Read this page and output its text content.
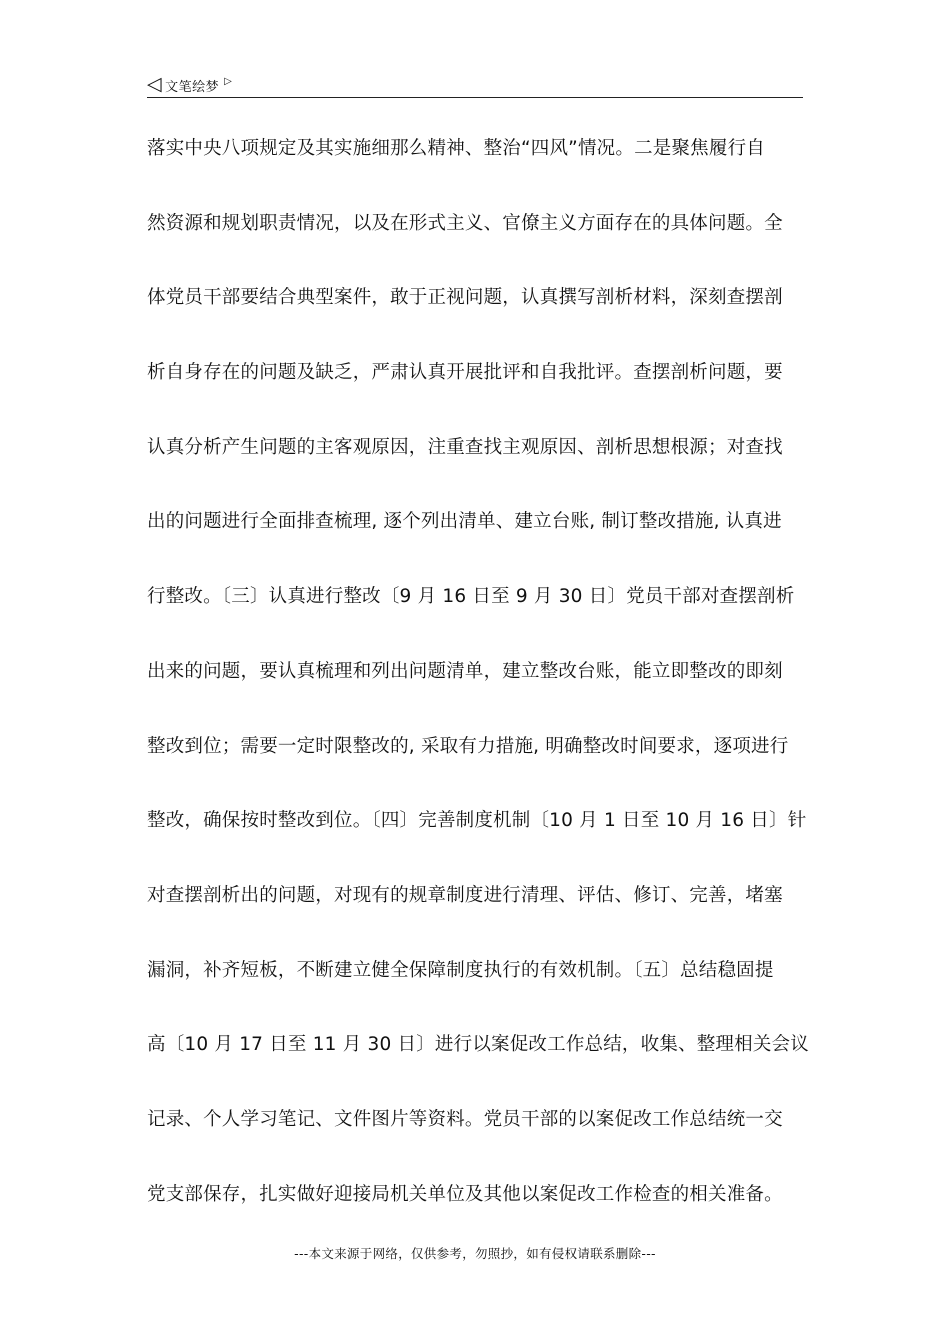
◁ 文笔绘梦 ▷
落实中央八项规定及其实施细那么精神、整治“四风”情况。二是聚焦履行自
然资源和规划职责情况，以及在形式主义、官僚主义方面存在的具体问题。全
体党员干部要结合典型案件，敢于正视问题，认真撰写剖析材料，深刻查摆剖
析自身存在的问题及缺乏，严肃认真开展批评和自我批评。查摆剖析问题，要
认真分析产生问题的主客观原因，注重查找主观原因、剖析思想根源；对查找
出的问题进行全面排查梳理, 逐个列出清单、建立台账, 制订整改措施, 认真进
行整改。〔三〕认真进行整改〔9 月 16 日至 9 月 30 日〕党员干部对查摆剖析
出来的问题，要认真梳理和列出问题清单，建立整改台账，能立即整改的即刻
整改到位；需要一定时限整改的, 采取有力措施, 明确整改时间要求，逐项进行
整改，确保按时整改到位。〔四〕完善制度机制〔10 月 1 日至 10 月 16 日〕针
对查摆剖析出的问题，对现有的规章制度进行清理、评估、修订、完善，堵塞
漏洞，补齐短板，不断建立健全保障制度执行的有效机制。〔五〕总结稳固提
高〔10 月 17 日至 11 月 30 日〕进行以案促改工作总结，收集、整理相关会议
记录、个人学习笔记、文件图片等资料。党员干部的以案促改工作总结统一交
党支部保存，扎实做好迎接局机关单位及其他以案促改工作检查的相关准备。
---本文来源于网络，仅供参考，勿照抄，如有侵权请联系删除---
